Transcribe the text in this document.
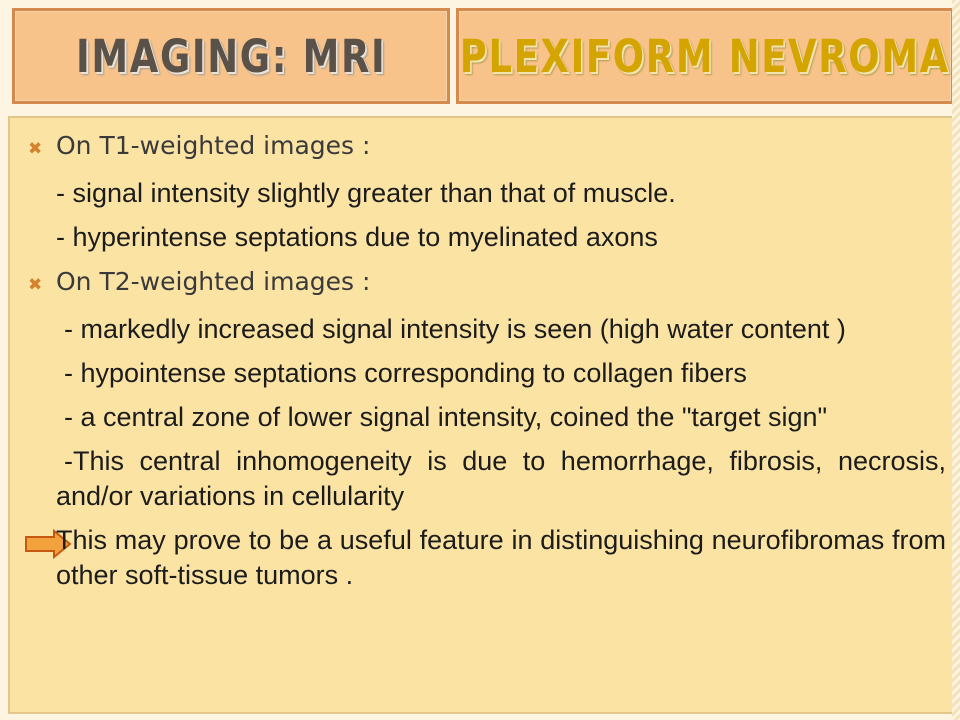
IMAGING: MRI PLEXIFORM NEVROMA
✖ On T1-weighted images :
- signal intensity slightly greater than that of muscle.
- hyperintense septations due to myelinated axons
✖ On T2-weighted images :
- markedly increased signal intensity is seen (high water content )
- hypointense septations corresponding to collagen fibers
- a central zone of lower signal intensity, coined the "target sign"
-This central inhomogeneity is due to hemorrhage, fibrosis, necrosis, and/or variations in cellularity
This may prove to be a useful feature in distinguishing neurofibromas from other soft-tissue tumors .
